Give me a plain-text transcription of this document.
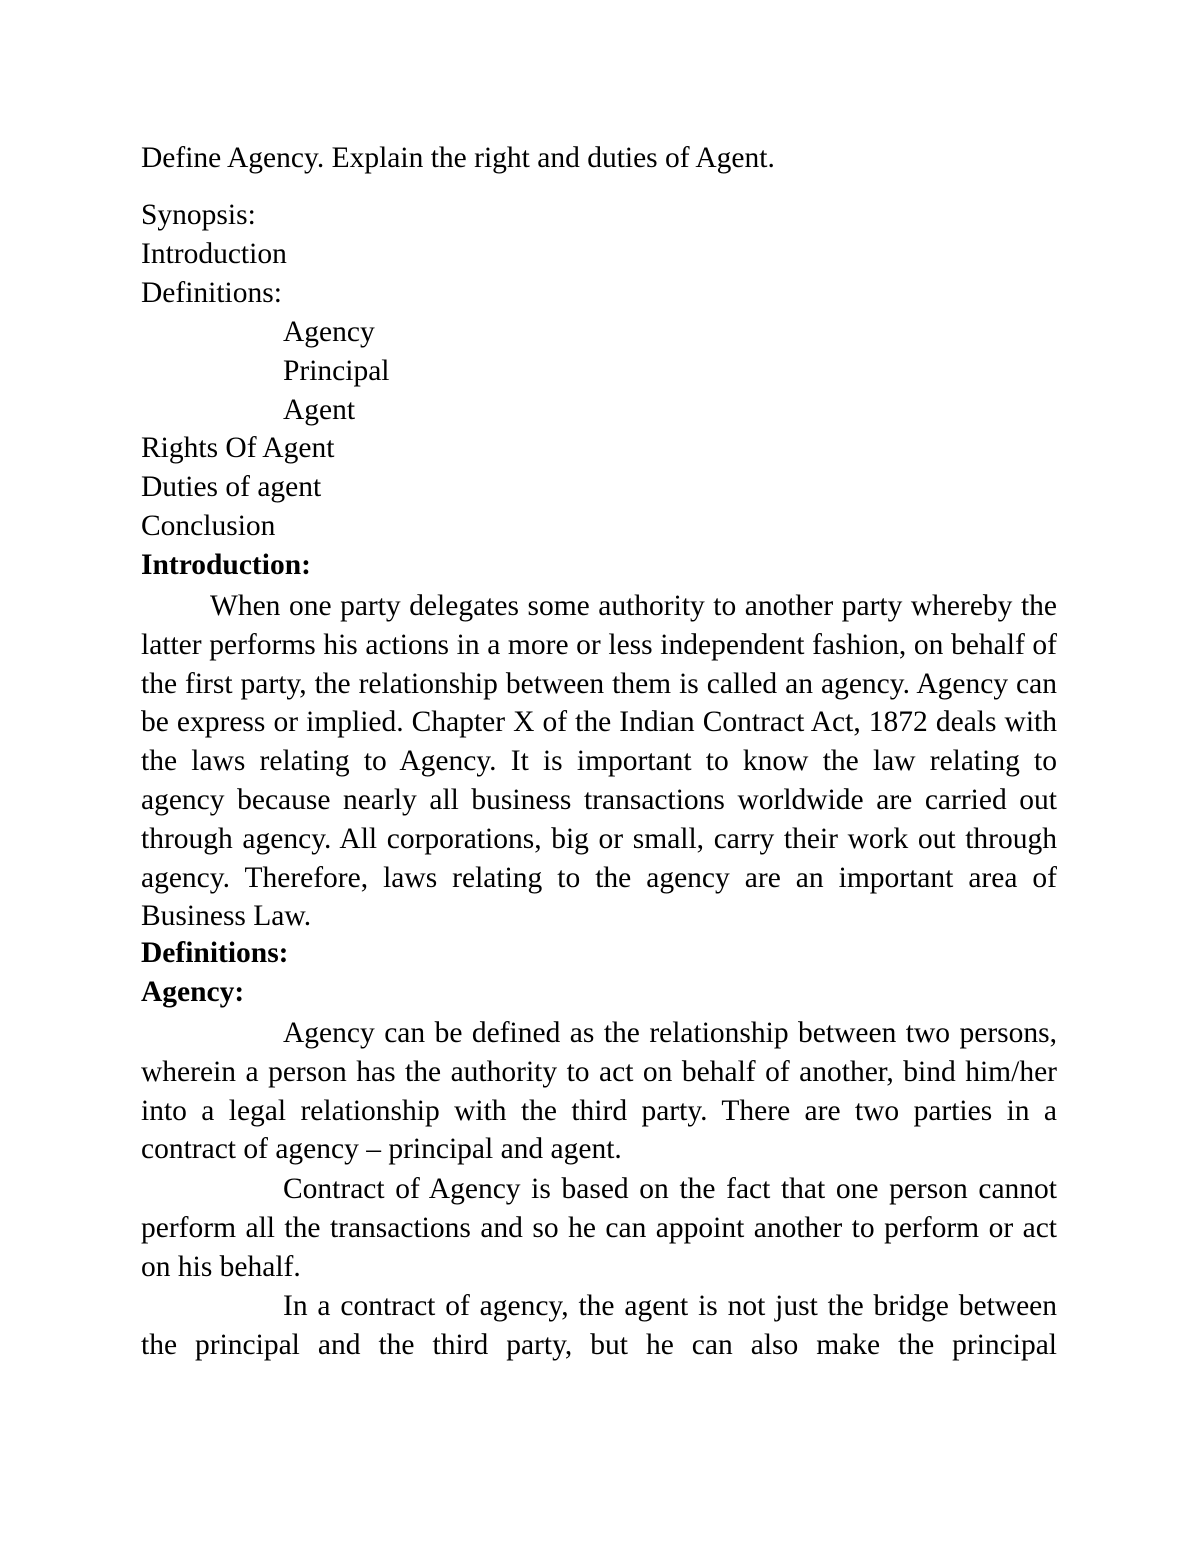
Define Agency. Explain the right and duties of Agent.

Synopsis:

Introduction

Definitions:

Agency

Principal

Agent

Rights Of Agent

Duties of agent

Conclusion

Introduction:

When one party delegates some authority to another party whereby the latter performs his actions in a more or less independent fashion, on behalf of the first party, the relationship between them is called an agency. Agency can be express or implied. Chapter X of the Indian Contract Act, 1872 deals with the laws relating to Agency. It is important to know the law relating to agency because nearly all business transactions worldwide are carried out through agency. All corporations, big or small, carry their work out through agency. Therefore, laws relating to the agency are an important area of Business Law.

Definitions:

Agency:

Agency can be defined as the relationship between two persons, wherein a person has the authority to act on behalf of another, bind him/her into a legal relationship with the third party. There are two parties in a contract of agency – principal and agent.

Contract of Agency is based on the fact that one person cannot perform all the transactions and so he can appoint another to perform or act on his behalf.

In a contract of agency, the agent is not just the bridge between the principal and the third party, but he can also make the principal
